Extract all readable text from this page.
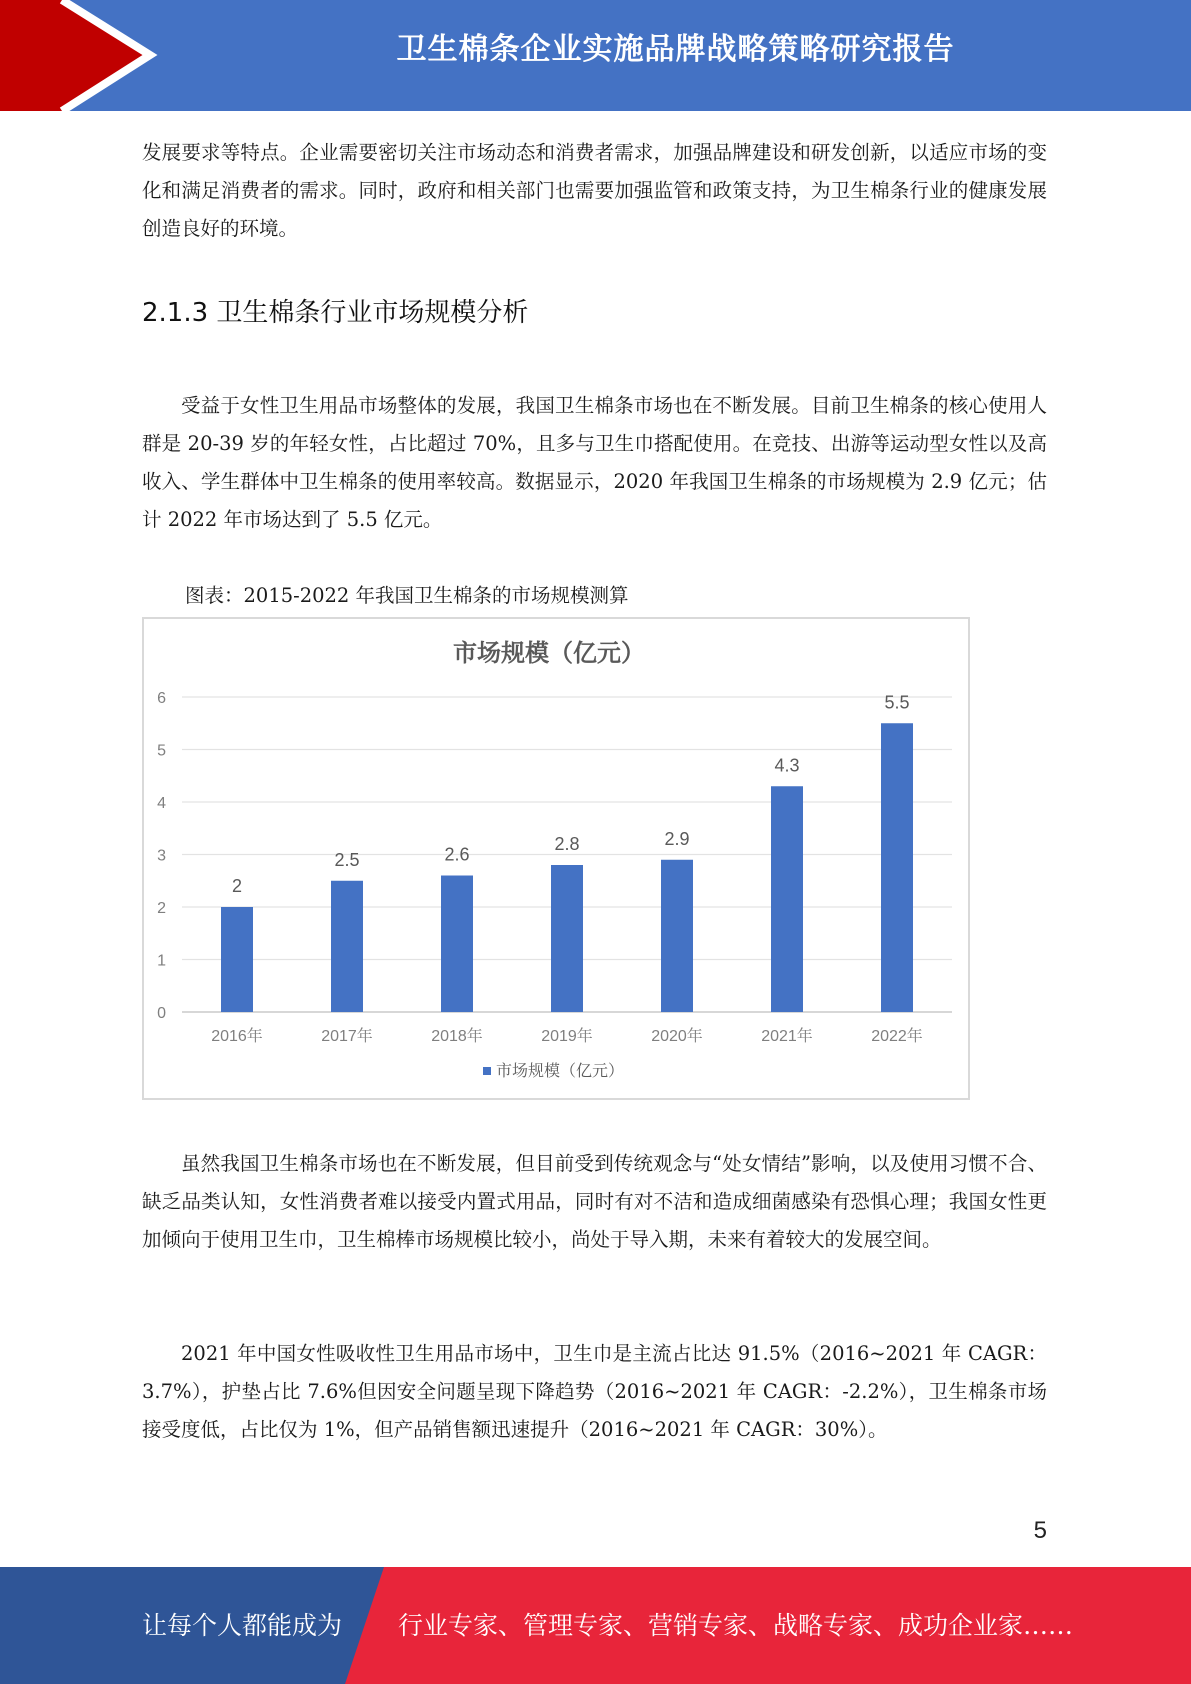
卫生棉条企业实施品牌战略策略研究报告

发展要求等特点。企业需要密切关注市场动态和消费者需求，加强品牌建设和研发创新，以适应市场的变化和满足消费者的需求。同时，政府和相关部门也需要加强监管和政策支持，为卫生棉条行业的健康发展创造良好的环境。

2.1.3 卫生棉条行业市场规模分析

受益于女性卫生用品市场整体的发展，我国卫生棉条市场也在不断发展。目前卫生棉条的核心使用人群是 20-39 岁的年轻女性，占比超过 70%，且多与卫生巾搭配使用。在竞技、出游等运动型女性以及高收入、学生群体中卫生棉条的使用率较高。数据显示，2020 年我国卫生棉条的市场规模为 2.9 亿元；估计 2022 年市场达到了 5.5 亿元。

图表：2015-2022 年我国卫生棉条的市场规模测算

市场规模（亿元）
0
1
2
3
4
5
6
2
2.5	2.6
2.8	2.9
4.3
5.5
2016年	2017年	2018年	2019年	2020年	2021年	2022年
市场规模（亿元）

虽然我国卫生棉条市场也在不断发展，但目前受到传统观念与“处女情结”影响，以及使用习惯不合、缺乏品类认知，女性消费者难以接受内置式用品，同时有对不洁和造成细菌感染有恐惧心理；我国女性更加倾向于使用卫生巾，卫生棉棒市场规模比较小，尚处于导入期，未来有着较大的发展空间。

2021 年中国女性吸收性卫生用品市场中，卫生巾是主流占比达 91.5%（2016~2021 年 CAGR：3.7%），护垫占比 7.6%但因安全问题呈现下降趋势（2016~2021 年 CAGR：-2.2%），卫生棉条市场接受度低，占比仅为 1%，但产品销售额迅速提升（2016~2021 年 CAGR：30%）。

5
让每个人都能成为 行业专家、管理专家、营销专家、战略专家、成功企业家……
